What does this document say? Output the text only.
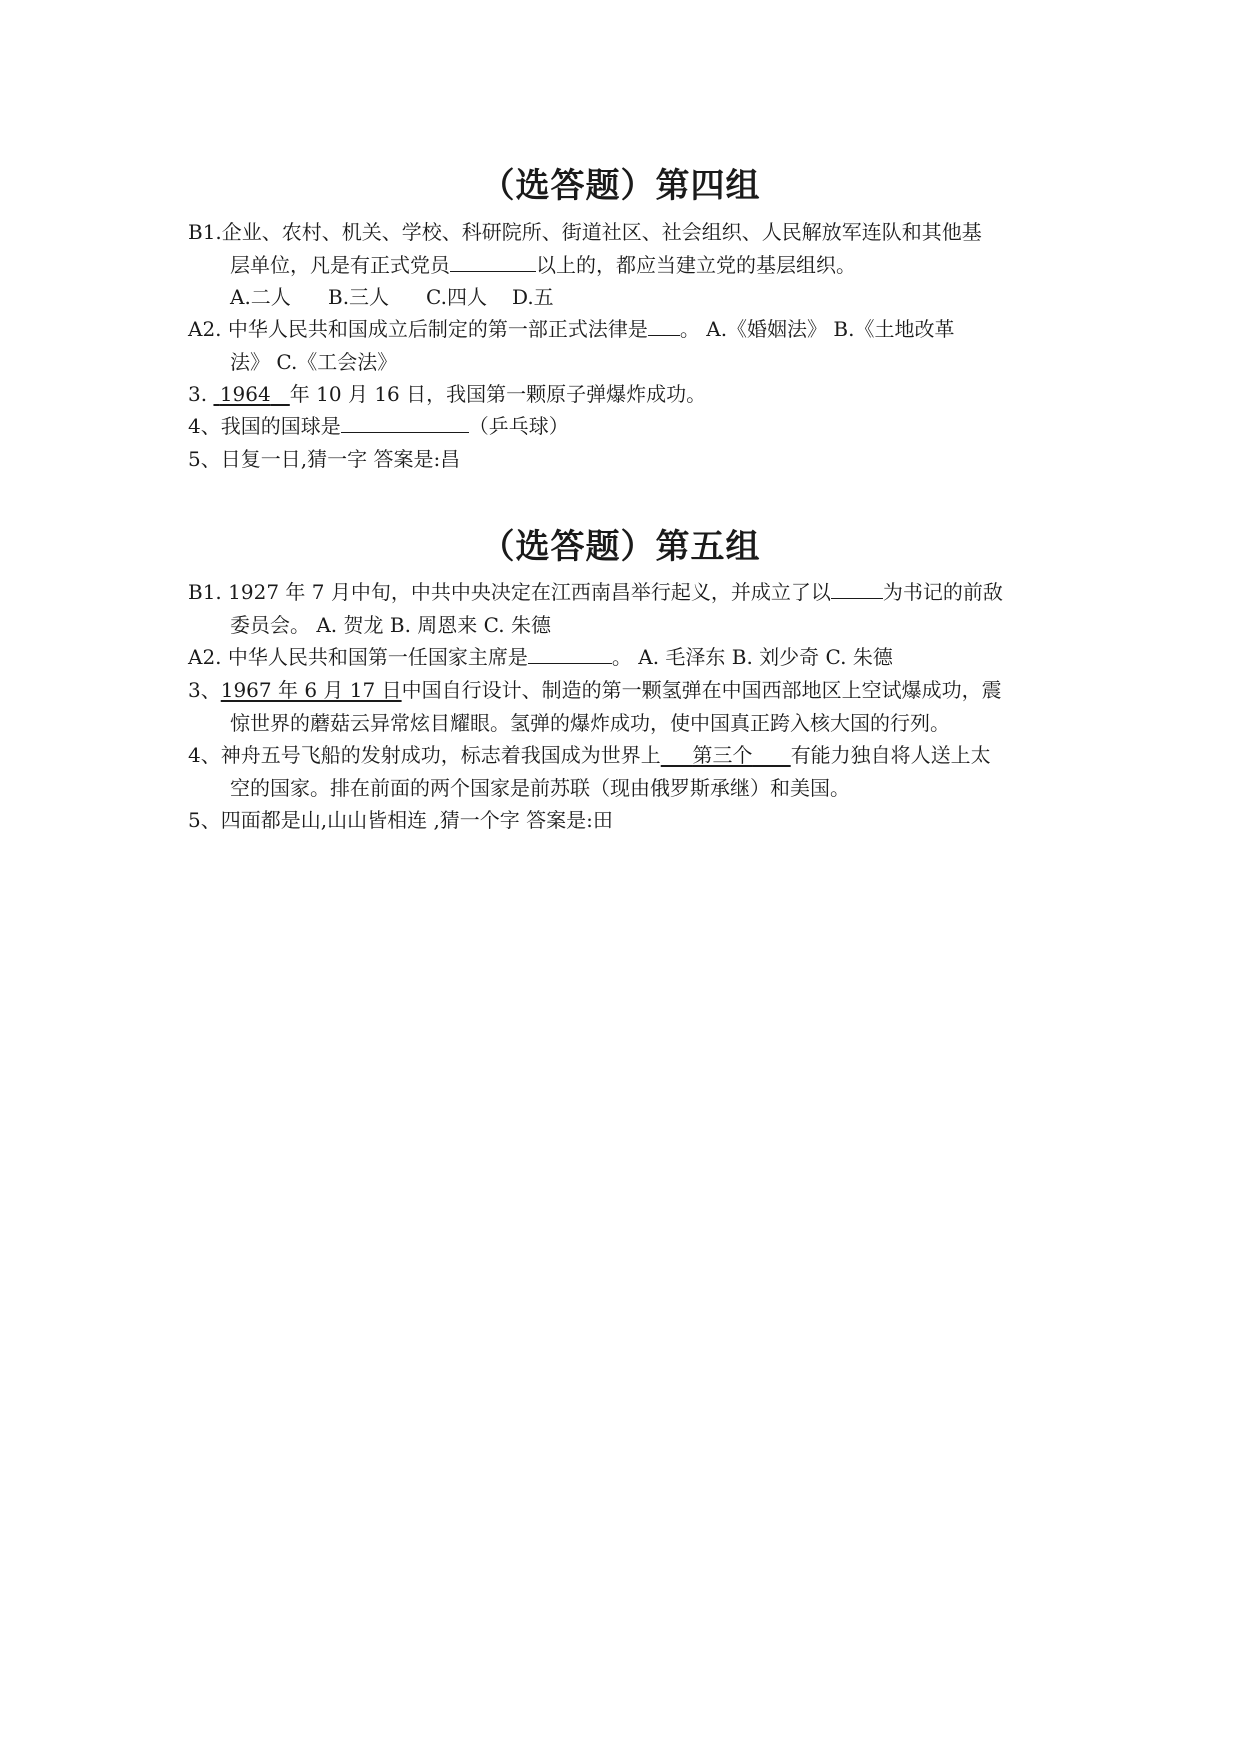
（选答题）第四组
B1.企业、农村、机关、学校、科研院所、街道社区、社会组织、人民解放军连队和其他基
层单位，凡是有正式党员	以上的，都应当建立党的基层组织。
A.二人 B.三人 C.四人 D.五
A2. 中华人民共和国成立后制定的第一部正式法律是 。 A.《婚姻法》 B.《土地改革
法》 C.《工会法》
3. 1964 年 10 月 16 日，我国第一颗原子弹爆炸成功。
4、我国的国球是	（乒乓球）
5、日复一日,猜一字 答案是:昌
（选答题）第五组
B1. 1927 年 7 月中旬，中共中央决定在江西南昌举行起义，并成立了以	为书记的前敌
委员会。 A. 贺龙 B. 周恩来 C. 朱德
A2. 中华人民共和国第一任国家主席是	。 A. 毛泽东 B. 刘少奇 C. 朱德
3、1967 年 6 月 17 日中国自行设计、制造的第一颗氢弹在中国西部地区上空试爆成功，震
惊世界的蘑菇云异常炫目耀眼。氢弹的爆炸成功，使中国真正跨入核大国的行列。
4、神舟五号飞船的发射成功，标志着我国成为世界上 第三个 有能力独自将人送上太
空的国家。排在前面的两个国家是前苏联（现由俄罗斯承继）和美国。
5、四面都是山,山山皆相连 ,猜一个字 答案是:田
